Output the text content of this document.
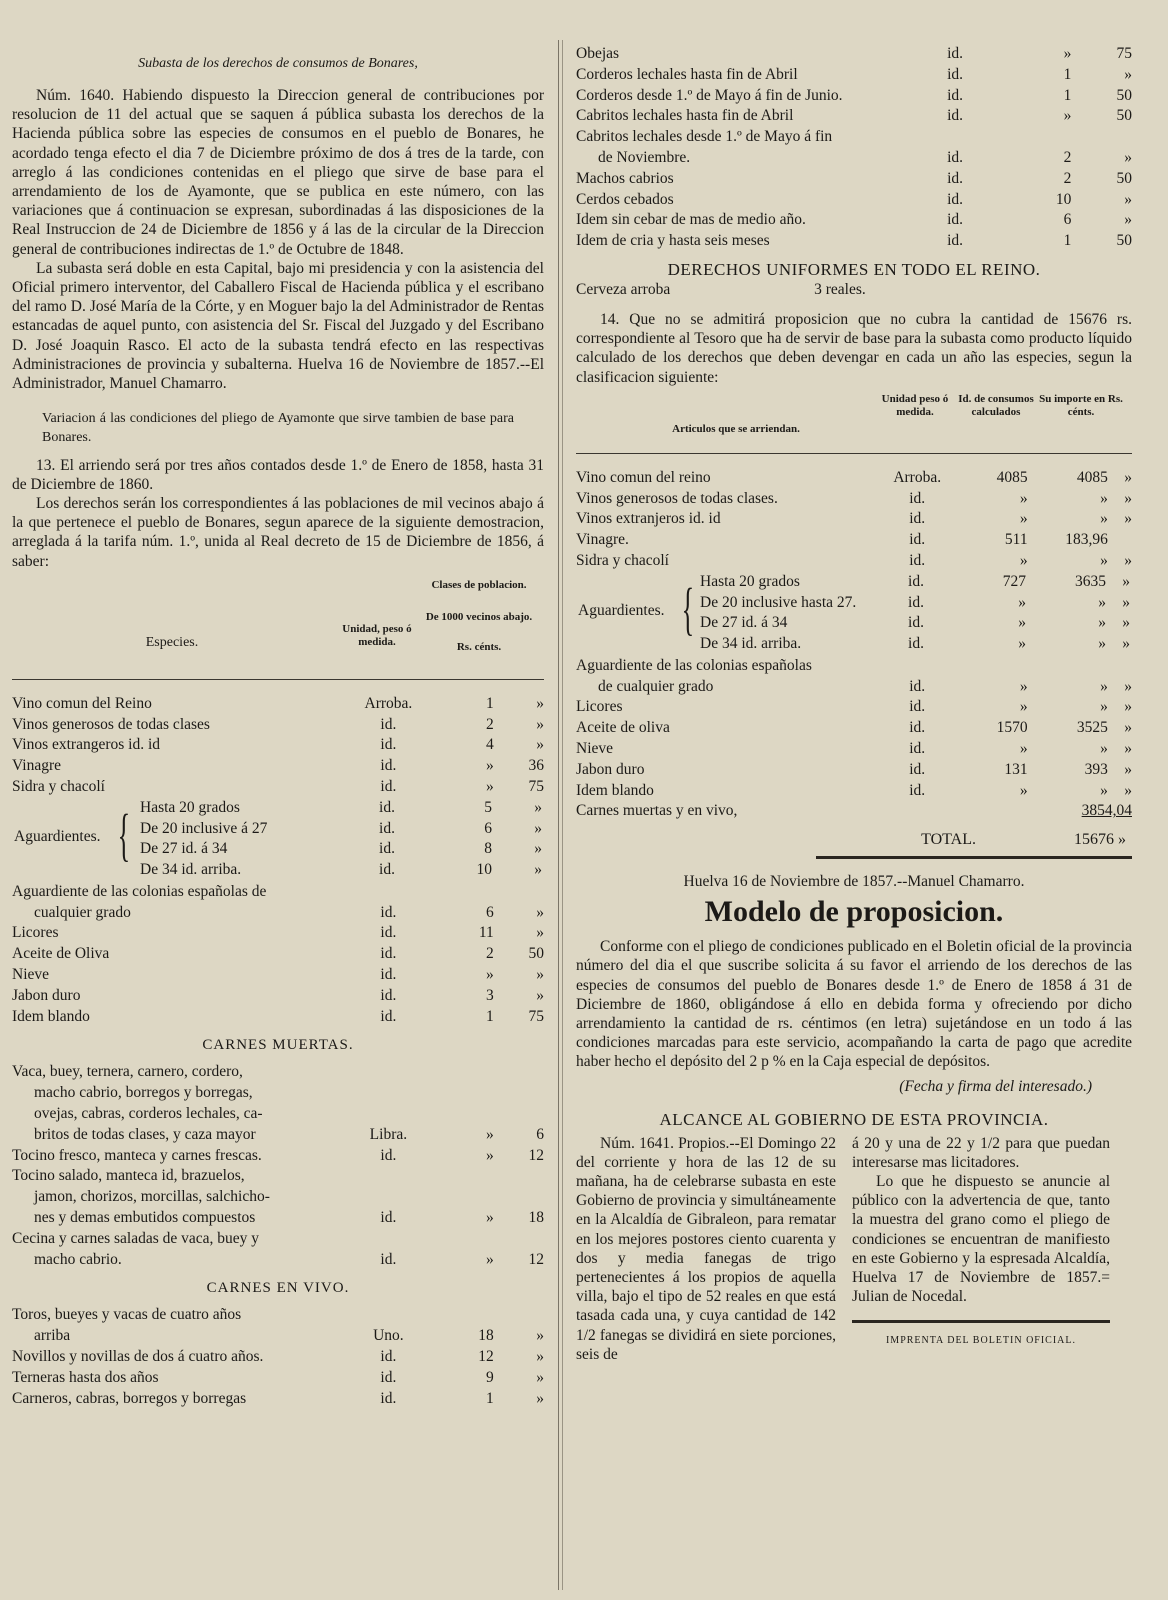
Subasta de los derechos de consumos de Bonares,

Núm. 1640. Habiendo dispuesto la Direccion general de contribuciones por resolucion de 11 del actual que se saquen á pública subasta los derechos de la Hacienda pública sobre las especies de consumos en el pueblo de Bonares, he acordado tenga efecto el dia 7 de Diciembre próximo de dos á tres de la tarde, con arreglo á las condiciones contenidas en el pliego que sirve de base para el arrendamiento de los de Ayamonte, que se publica en este número, con las variaciones que á continuacion se expresan, subordinadas á las disposiciones de la Real Instruccion de 24 de Diciembre de 1856 y á las de la circular de la Direccion general de contribuciones indirectas de 1.º de Octubre de 1848.

La subasta será doble en esta Capital, bajo mi presidencia y con la asistencia del Oficial primero interventor, del Caballero Fiscal de Hacienda pública y el escribano del ramo D. José María de la Córte, y en Moguer bajo la del Administrador de Rentas estancadas de aquel punto, con asistencia del Sr. Fiscal del Juzgado y del Escribano D. José Joaquin Rasco. El acto de la subasta tendrá efecto en las respectivas Administraciones de provincia y subalterna. Huelva 16 de Noviembre de 1857.--El Administrador, Manuel Chamarro.

Variacion á las condiciones del pliego de Ayamonte que sirve tambien de base para Bonares.

13. El arriendo será por tres años contados desde 1.º de Enero de 1858, hasta 31 de Diciembre de 1860.

Los derechos serán los correspondientes á las poblaciones de mil vecinos abajo á la que pertenece el pueblo de Bonares, segun aparece de la siguiente demostracion, arreglada á la tarifa núm. 1.º, unida al Real decreto de 15 de Diciembre de 1856, á saber:

Clases de poblacion.
De 1000 vecinos abajo.
Rs. cénts.
Unidad, peso ó medida.
Especies.
Vino comun del Reino	Arroba.	1	»
Vinos generosos de todas clases	id.	2	»
Vinos extrangeros id. id	id.	4	»
Vinagre	id.	»	36
Sidra y chacolí	id.	»	75
Aguardientes. { Hasta 20 grados	id.	5	»
De 20 inclusive á 27	id.	6	»
De 27 id. á 34	id.	8	»
De 34 id. arriba.	id.	10	»
Aguardiente de las colonias españolas de			
cualquier grado	id.	6	»
Licores	id.	11	»
Aceite de Oliva	id.	2	50
Nieve	id.	»	»
Jabon duro	id.	3	»
Idem blando	id.	1	75
CARNES MUERTAS.
Vaca, buey, ternera, carnero, cordero,			
macho cabrio, borregos y borregas,			
ovejas, cabras, corderos lechales, ca-			
britos de todas clases, y caza mayor	Libra.	»	6
Tocino fresco, manteca y carnes frescas.	id.	»	12
Tocino salado, manteca id, brazuelos,			
jamon, chorizos, morcillas, salchicho-			
nes y demas embutidos compuestos	id.	»	18
Cecina y carnes saladas de vaca, buey y			
macho cabrio.	id.	»	12
CARNES EN VIVO.
Toros, bueyes y vacas de cuatro años			
arriba	Uno.	18	»
Novillos y novillas de dos á cuatro años.	id.	12	»
Terneras hasta dos años	id.	9	»
Carneros, cabras, borregos y borregas	id.	1	»
Obejas	id.	»	75
Corderos lechales hasta fin de Abril	id.	1	»
Corderos desde 1.º de Mayo á fin de Junio.	id.	1	50
Cabritos lechales hasta fin de Abril	id.	»	50
Cabritos lechales desde 1.º de Mayo á fin			
de Noviembre.	id.	2	»
Machos cabrios	id.	2	50
Cerdos cebados	id.	10	»
Idem sin cebar de mas de medio año.	id.	6	»
Idem de cria y hasta seis meses	id.	1	50
DERECHOS UNIFORMES EN TODO EL REINO.
Cerveza arroba	3 reales.

14. Que no se admitirá proposicion que no cubra la cantidad de 15676 rs. correspondiente al Tesoro que ha de servir de base para la subasta como producto líquido calculado de los derechos que deben devengar en cada un año las especies, segun la clasificacion siguiente:

Articulos que se arriendan.
Unidad peso ó medida.
Id. de consumos calculados
Su importe en Rs. cénts.
Vino comun del reino	Arroba.	4085	4085	»
Vinos generosos de todas clases.	id.	»	»	»
Vinos extranjeros id. id	id.	»	»	»
Vinagre.	id.	511	183,96	
Sidra y chacolí	id.	»	»	»
Aguardientes. { Hasta 20 grados	id.	727	3635	»
De 20 inclusive hasta 27.	id.	»	»	»
De 27 id. á 34	id.	»	»	»
De 34 id. arriba.	id.	»	»	»
Aguardiente de las colonias españolas				
de cualquier grado	id.	»	»	»
Licores	id.	»	»	»
Aceite de oliva	id.	1570	3525	»
Nieve	id.	»	»	»
Jabon duro	id.	131	393	»
Idem blando	id.	»	»	»
Carnes muertas y en vivo,			3854,04	
TOTAL.	15676 »
Huelva 16 de Noviembre de 1857.--Manuel Chamarro.
Modelo de proposicion.

Conforme con el pliego de condiciones publicado en el Boletin oficial de la provincia número del dia el que suscribe solicita á su favor el arriendo de los derechos de las especies de consumos del pueblo de Bonares desde 1.º de Enero de 1858 á 31 de Diciembre de 1860, obligándose á ello en debida forma y ofreciendo por dicho arrendamiento la cantidad de rs. céntimos (en letra) sujetándose en un todo á las condiciones marcadas para este servicio, acompañando la carta de pago que acredite haber hecho el depósito del 2 p % en la Caja especial de depósitos.

(Fecha y firma del interesado.)
ALCANCE AL GOBIERNO DE ESTA PROVINCIA.

Núm. 1641. Propios.--El Domingo 22 del corriente y hora de las 12 de su mañana, ha de celebrarse subasta en este Gobierno de provincia y simultáneamente en la Alcaldía de Gibraleon, para rematar en los mejores postores ciento cuarenta y dos y media fanegas de trigo pertenecientes á los propios de aquella villa, bajo el tipo de 52 reales en que está tasada cada una, y cuya cantidad de 142 1/2 fanegas se dividirá en siete porciones, seis de

á 20 y una de 22 y 1/2 para que puedan interesarse mas licitadores.

Lo que he dispuesto se anuncie al público con la advertencia de que, tanto la muestra del grano como el pliego de condiciones se encuentran de manifiesto en este Gobierno y la espresada Alcaldía, Huelva 17 de Noviembre de 1857.= Julian de Nocedal.

IMPRENTA DEL BOLETIN OFICIAL.
